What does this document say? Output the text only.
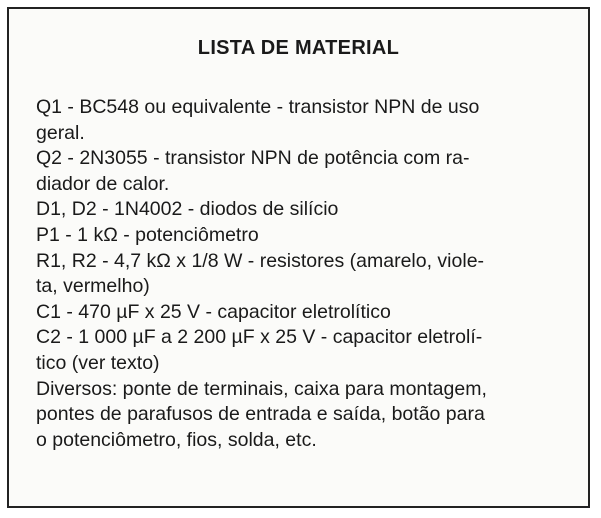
LISTA DE MATERIAL
Q1 - BC548 ou equivalente - transistor NPN de uso
geral.
Q2 - 2N3055 - transistor NPN de potência com ra-
diador de calor.
D1, D2 - 1N4002 - diodos de silício
P1 - 1 kΩ - potenciômetro
R1, R2 - 4,7 kΩ x 1/8 W - resistores (amarelo, viole-
ta, vermelho)
C1 - 470 µF x 25 V - capacitor eletrolítico
C2 - 1 000 µF a 2 200 µF x 25 V - capacitor eletrolí-
tico (ver texto)
Diversos: ponte de terminais, caixa para montagem,
pontes de parafusos de entrada e saída, botão para
o potenciômetro, fios, solda, etc.
